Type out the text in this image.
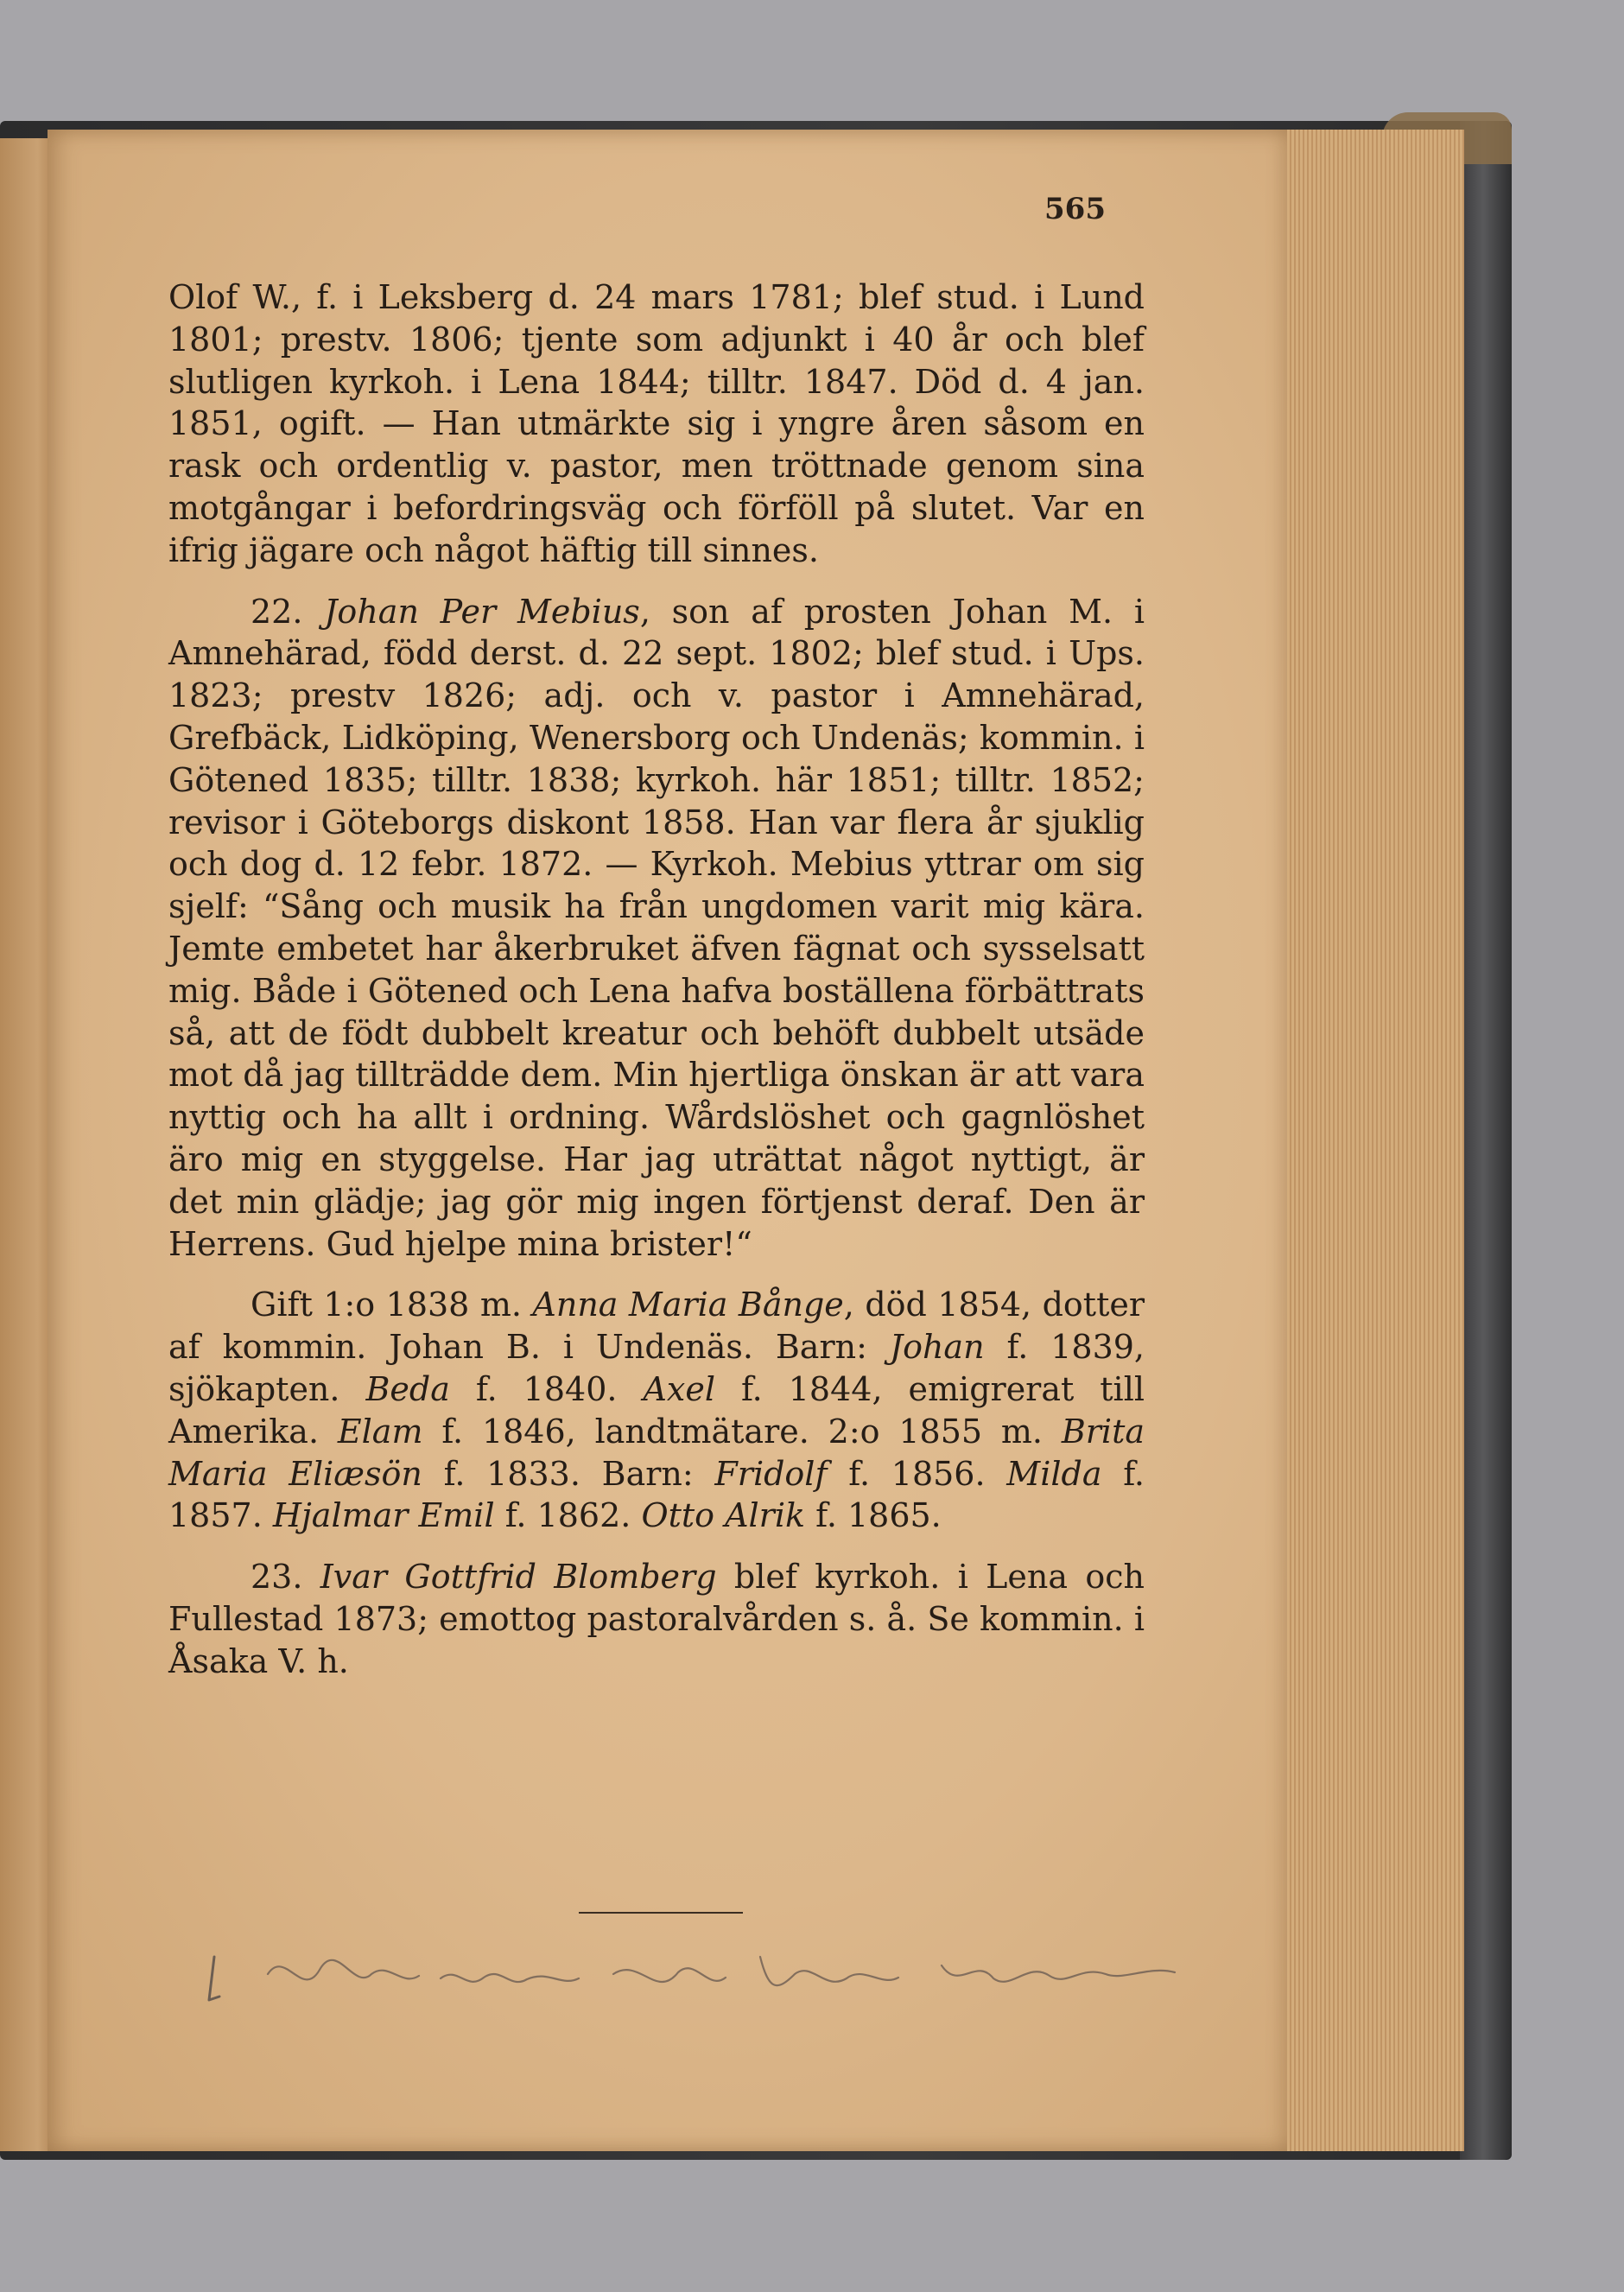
565

Olof W., f. i Leksberg d. 24 mars 1781; blef stud. i Lund 1801; prestv. 1806; tjente som adjunkt i 40 år och blef slutligen kyrkoh. i Lena 1844; tilltr. 1847. Död d. 4 jan. 1851, ogift. — Han utmärkte sig i yngre åren såsom en rask och ordentlig v. pastor, men tröttnade genom sina motgångar i befordringsväg och förföll på slutet. Var en ifrig jägare och något häftig till sinnes.

22. Johan Per Mebius, son af prosten Johan M. i Amnehärad, född derst. d. 22 sept. 1802; blef stud. i Ups. 1823; prestv 1826; adj. och v. pastor i Amnehärad, Grefbäck, Lidköping, Wenersborg och Undenäs; kommin. i Götened 1835; tilltr. 1838; kyrkoh. här 1851; tilltr. 1852; revisor i Göteborgs diskont 1858. Han var flera år sjuklig och dog d. 12 febr. 1872. — Kyrkoh. Mebius yttrar om sig sjelf: “Sång och musik ha från ungdomen varit mig kära. Jemte embetet har åkerbruket äfven fägnat och sysselsatt mig. Både i Götened och Lena hafva boställena förbättrats så, att de födt dubbelt kreatur och behöft dubbelt utsäde mot då jag tillträdde dem. Min hjertliga önskan är att vara nyttig och ha allt i ordning. Wårdslöshet och gagnlöshet äro mig en styggelse. Har jag uträttat något nyttigt, är det min glädje; jag gör mig ingen förtjenst deraf. Den är Herrens. Gud hjelpe mina brister!“

Gift 1:o 1838 m. Anna Maria Bånge, död 1854, dotter af kommin. Johan B. i Undenäs. Barn: Johan f. 1839, sjökapten. Beda f. 1840. Axel f. 1844, emigrerat till Amerika. Elam f. 1846, landtmätare. 2:o 1855 m. Brita Maria Eliæsön f. 1833. Barn: Fridolf f. 1856. Milda f. 1857. Hjalmar Emil f. 1862. Otto Alrik f. 1865.

23. Ivar Gottfrid Blomberg blef kyrkoh. i Lena och Fullestad 1873; emottog pastoralvården s. å. Se kommin. i Åsaka V. h.
